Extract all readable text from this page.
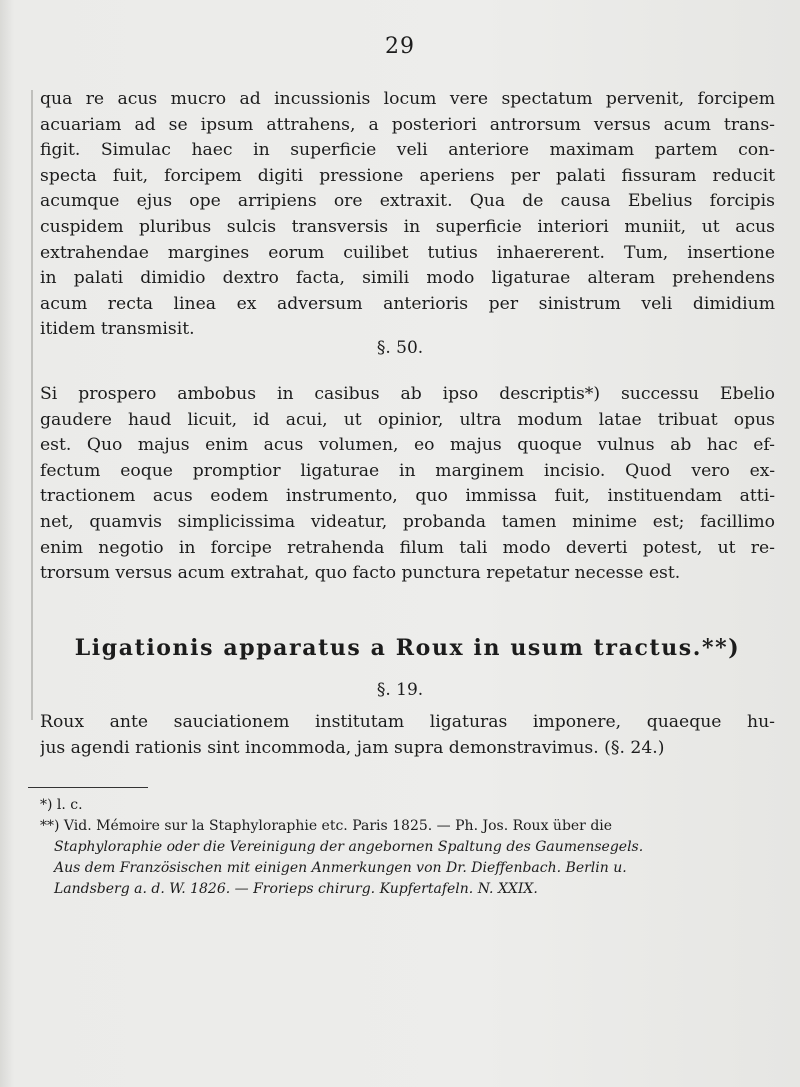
29
qua re acus mucro ad incussionis locum vere spectatum pervenit, forcipem
acuariam ad se ipsum attrahens, a posteriori antrorsum versus acum trans-
figit. Simulac haec in superficie veli anteriore maximam partem con-
specta fuit, forcipem digiti pressione aperiens per palati fissuram reducit
acumque ejus ope arripiens ore extraxit. Qua de causa Ebelius forcipis
cuspidem pluribus sulcis transversis in superficie interiori muniit, ut acus
extrahendae margines eorum cuilibet tutius inhaererent. Tum, insertione
in palati dimidio dextro facta, simili modo ligaturae alteram prehendens
acum recta linea ex adversum anterioris per sinistrum veli dimidium
itidem transmisit.
§. 50.
Si prospero ambobus in casibus ab ipso descriptis*) successu Ebelio
gaudere haud licuit, id acui, ut opinior, ultra modum latae tribuat opus
est. Quo majus enim acus volumen, eo majus quoque vulnus ab hac ef-
fectum eoque promptior ligaturae in marginem incisio. Quod vero ex-
tractionem acus eodem instrumento, quo immissa fuit, instituendam atti-
net, quamvis simplicissima videatur, probanda tamen minime est; facillimo
enim negotio in forcipe retrahenda filum tali modo deverti potest, ut re-
trorsum versus acum extrahat, quo facto punctura repetatur necesse est.
Ligationis apparatus a Roux in usum tractus.**)
§. 19.
Roux ante sauciationem institutam ligaturas imponere, quaeque hu-
jus agendi rationis sint incommoda, jam supra demonstravimus. (§. 24.)
*) l. c.
**) Vid. Mémoire sur la Staphyloraphie etc. Paris 1825. — Ph. Jos. Roux über die
Staphyloraphie oder die Vereinigung der angebornen Spaltung des Gaumensegels.
Aus dem Französischen mit einigen Anmerkungen von Dr. Dieffenbach. Berlin u.
Landsberg a. d. W. 1826. — Frorieps chirurg. Kupfertafeln. N. XXIX.
